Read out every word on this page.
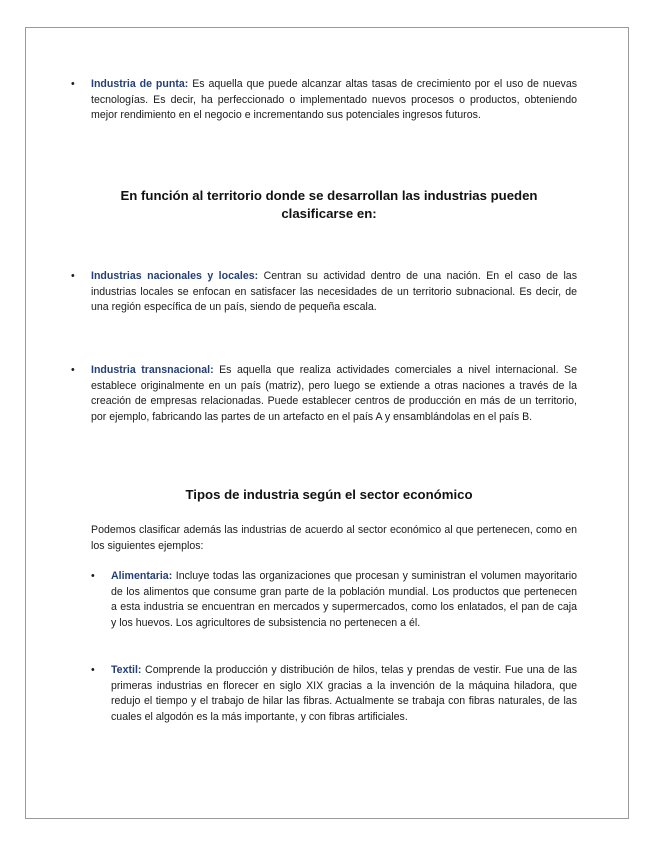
• Industria de punta: Es aquella que puede alcanzar altas tasas de crecimiento por el uso de nuevas tecnologías. Es decir, ha perfeccionado o implementado nuevos procesos o productos, obteniendo mejor rendimiento en el negocio e incrementando sus potenciales ingresos futuros.
En función al territorio donde se desarrollan las industrias pueden clasificarse en:
• Industrias nacionales y locales: Centran su actividad dentro de una nación. En el caso de las industrias locales se enfocan en satisfacer las necesidades de un territorio subnacional. Es decir, de una región específica de un país, siendo de pequeña escala.
• Industria transnacional: Es aquella que realiza actividades comerciales a nivel internacional. Se establece originalmente en un país (matriz), pero luego se extiende a otras naciones a través de la creación de empresas relacionadas. Puede establecer centros de producción en más de un territorio, por ejemplo, fabricando las partes de un artefacto en el país A y ensamblándolas en el país B.
Tipos de industria según el sector económico
Podemos clasificar además las industrias de acuerdo al sector económico al que pertenecen, como en los siguientes ejemplos:
• Alimentaria: Incluye todas las organizaciones que procesan y suministran el volumen mayoritario de los alimentos que consume gran parte de la población mundial. Los productos que pertenecen a esta industria se encuentran en mercados y supermercados, como los enlatados, el pan de caja y los huevos. Los agricultores de subsistencia no pertenecen a él.
• Textil: Comprende la producción y distribución de hilos, telas y prendas de vestir. Fue una de las primeras industrias en florecer en siglo XIX gracias a la invención de la máquina hiladora, que redujo el tiempo y el trabajo de hilar las fibras. Actualmente se trabaja con fibras naturales, de las cuales el algodón es la más importante, y con fibras artificiales.
